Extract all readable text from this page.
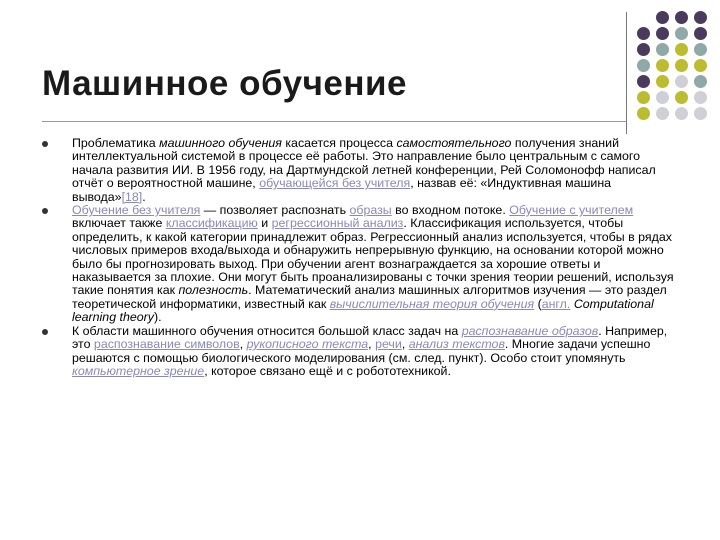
Машинное обучение
Проблематика машинного обучения касается процесса самостоятельного получения знаний интеллектуальной системой в процессе её работы. Это направление было центральным с самого начала развития ИИ. В 1956 году, на Дартмундской летней конференции, Рей Соломонофф написал отчёт о вероятностной машине, обучающейся без учителя, назвав её: «Индуктивная машина вывода»[18].
Обучение без учителя — позволяет распознать образы во входном потоке. Обучение с учителем включает также классификацию и регрессионный анализ. Классификация используется, чтобы определить, к какой категории принадлежит образ. Регрессионный анализ используется, чтобы в рядах числовых примеров входа/выхода и обнаружить непрерывную функцию, на основании которой можно было бы прогнозировать выход. При обучении агент вознаграждается за хорошие ответы и наказывается за плохие. Они могут быть проанализированы с точки зрения теории решений, используя такие понятия как полезность. Математический анализ машинных алгоритмов изучения — это раздел теоретической информатики, известный как вычислительная теория обучения (англ. Computational learning theory).
К области машинного обучения относится большой класс задач на распознавание образов. Например, это распознавание символов, рукописного текста, речи, анализ текстов. Многие задачи успешно решаются с помощью биологического моделирования (см. след. пункт). Особо стоит упомянуть компьютерное зрение, которое связано ещё и с робототехникой.
